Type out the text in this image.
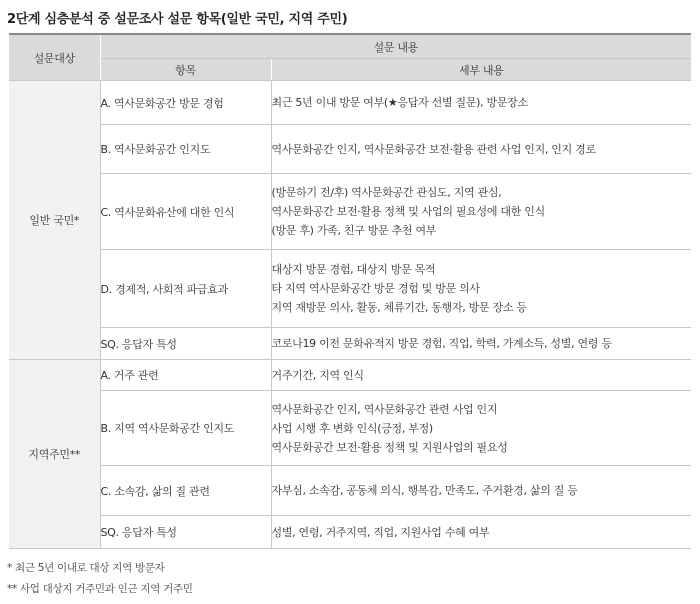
2단계 심층분석 중 설문조사 설문 항목(일반 국민, 지역 주민)
설문대상	설문 내용	
	항목	세부 내용
일반 국민*	A. 역사문화공간 방문 경험	최근 5년 이내 방문 여부(★응답자 선별 질문), 방문장소

	B. 역사문화공간 인지도	역사문화공간 인지, 역사문화공간 보전·활용 관련 사업 인지, 인지 경로

	C. 역사문화유산에 대한 인식	(방문하기 전/후) 역사문화공간 관심도, 지역 관심,
역사문화공간 보전·활용 정책 및 사업의 필요성에 대한 인식
(방문 후) 가족, 친구 방문 추천 여부

	D. 경제적, 사회적 파급효과	대상지 방문 경험, 대상지 방문 목적
타 지역 역사문화공간 방문 경험 및 방문 의사
지역 재방문 의사, 활동, 체류기간, 동행자, 방문 장소 등

	SQ. 응답자 특성	코로나19 이전 문화유적지 방문 경험, 직업, 학력, 가계소득, 성별, 연령 등

지역주민**	A. 거주 관련	거주기간, 지역 인식

	B. 지역 역사문화공간 인지도	역사문화공간 인지, 역사문화공간 관련 사업 인지
사업 시행 후 변화 인식(긍정, 부정)
역사문화공간 보전·활용 정책 및 지원사업의 필요성

	C. 소속감, 삶의 질 관련	자부심, 소속감, 공동체 의식, 행복감, 만족도, 주거환경, 삶의 질 등

	SQ. 응답자 특성	성별, 연령, 거주지역, 직업, 지원사업 수혜 여부
* 최근 5년 이내로 대상 지역 방문자
** 사업 대상지 거주민과 인근 지역 거주민
